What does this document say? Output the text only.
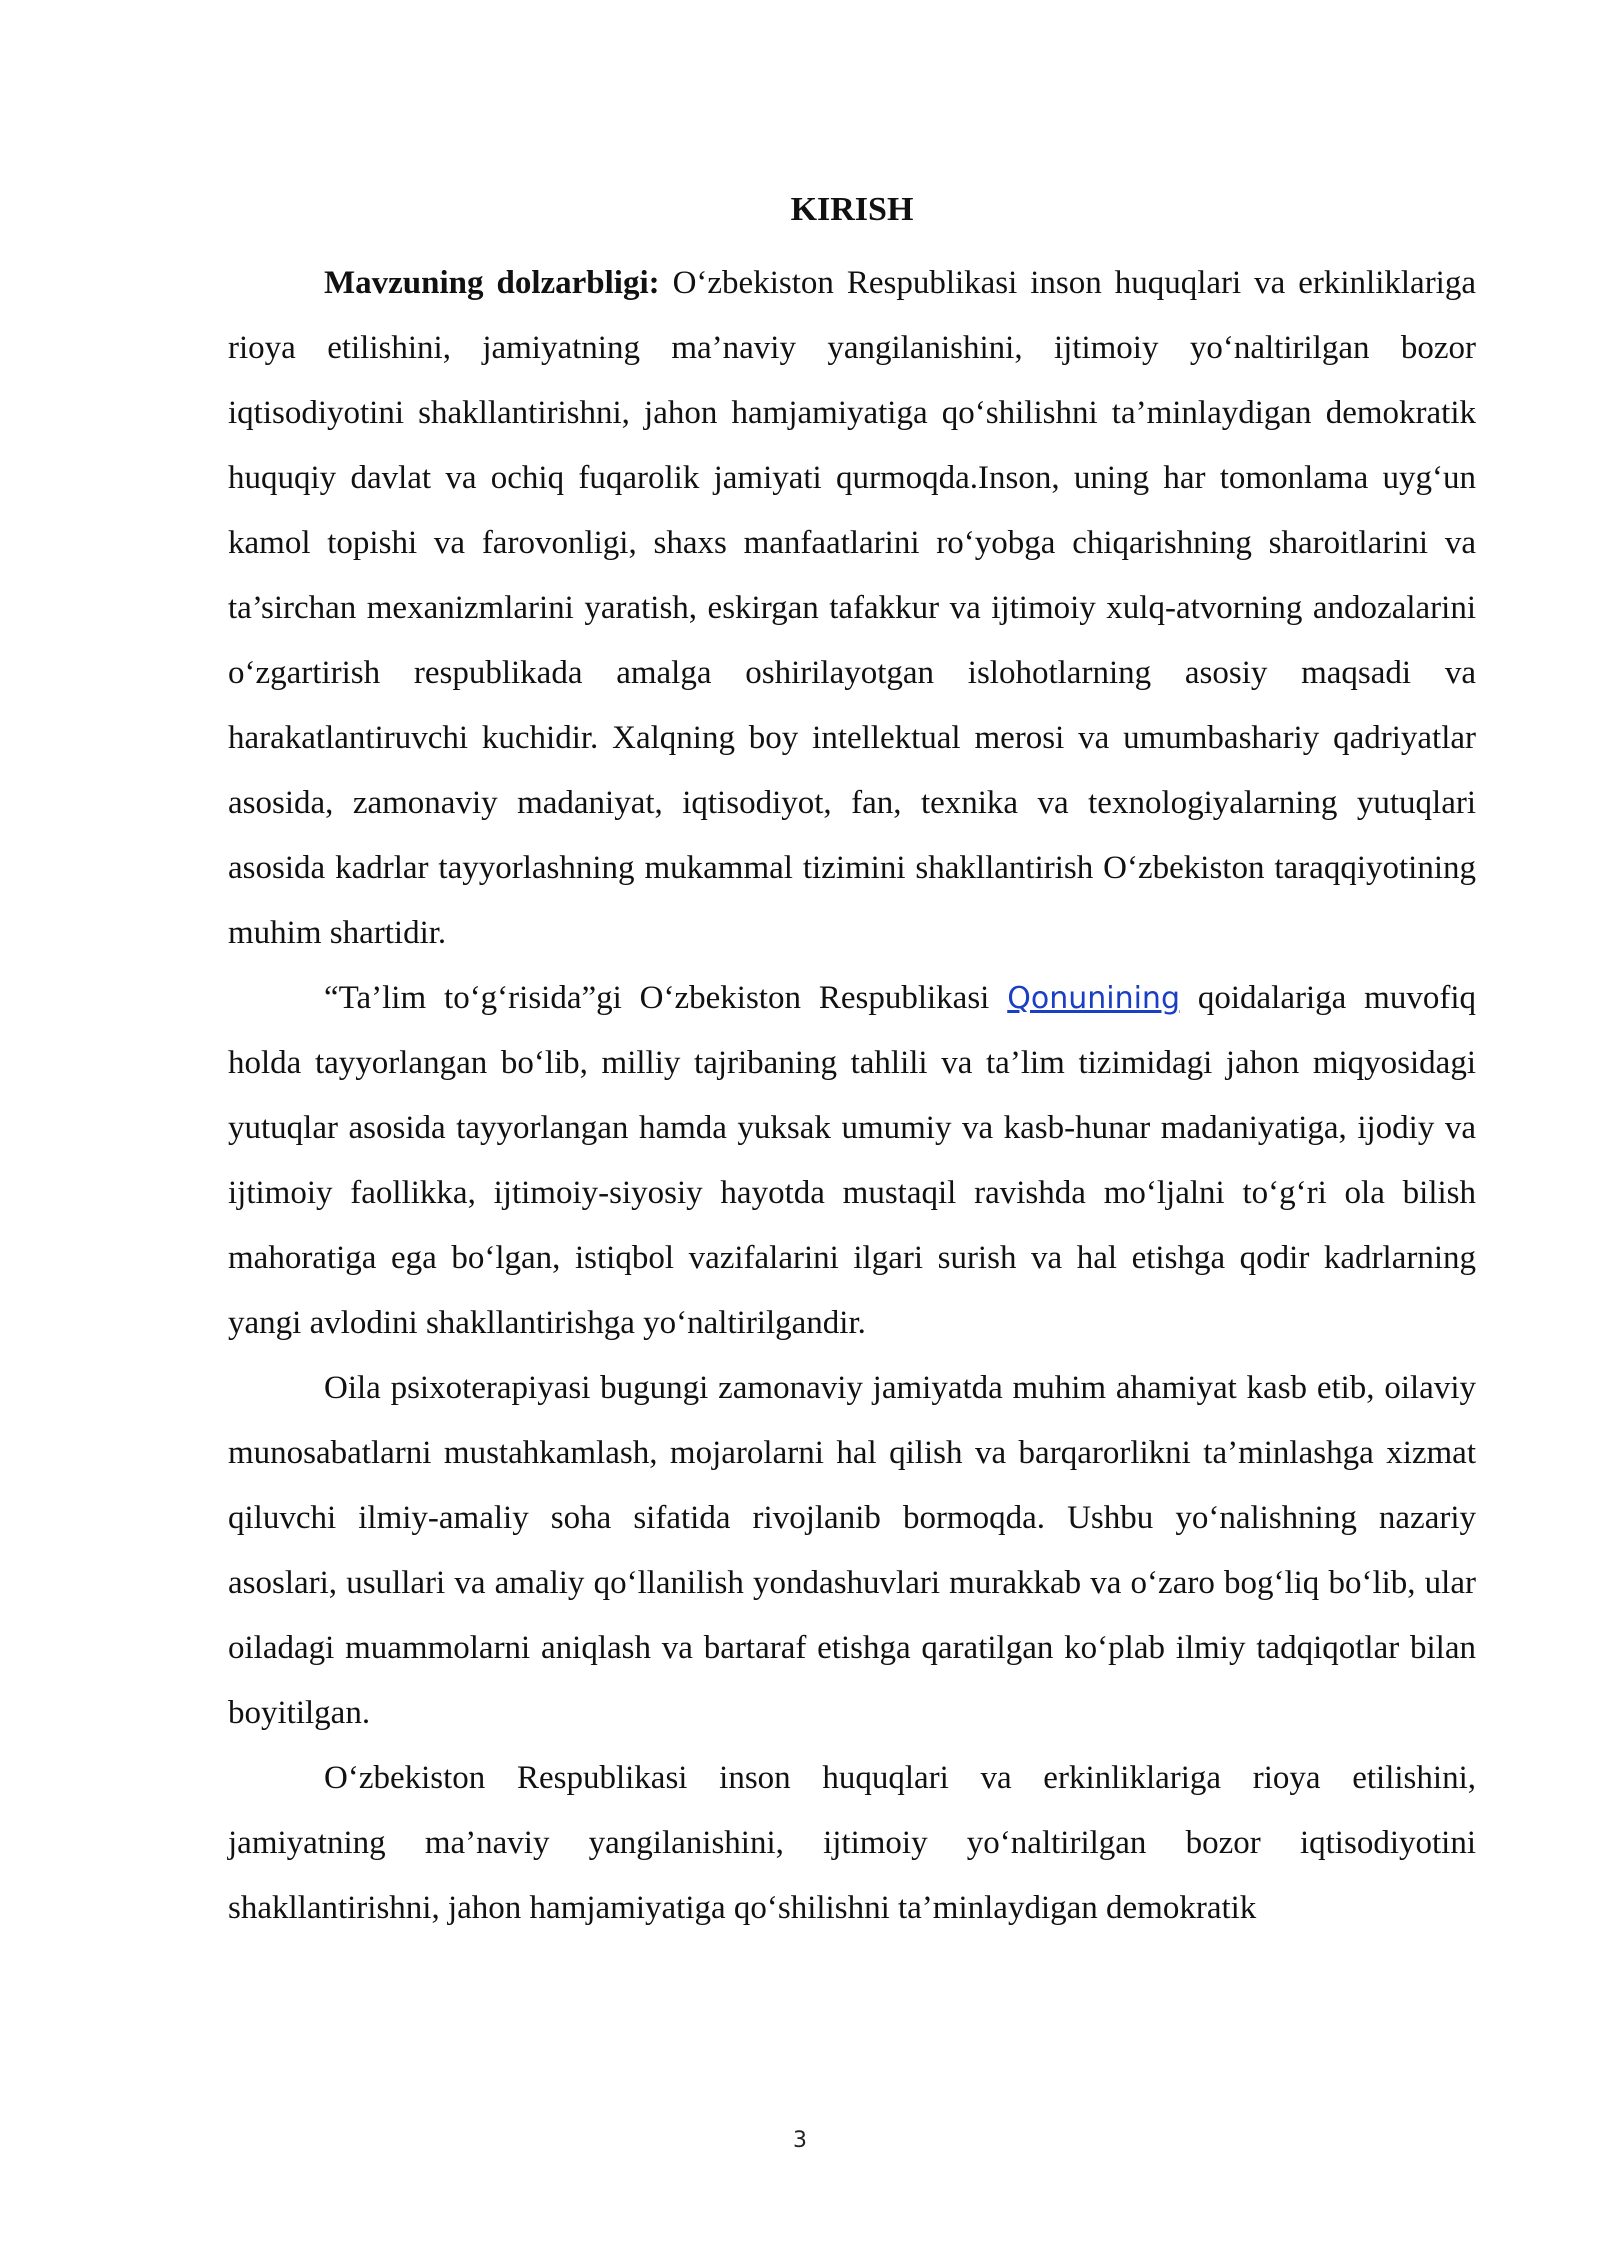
KIRISH

Mavzuning dolzarbligi: O‘zbekiston Respublikasi inson huquqlari va erkinliklariga rioya etilishini, jamiyatning ma’naviy yangilanishini, ijtimoiy yo‘naltirilgan bozor iqtisodiyotini shakllantirishni, jahon hamjamiyatiga qo‘shilishni ta’minlaydigan demokratik huquqiy davlat va ochiq fuqarolik jamiyati qurmoqda.Inson, uning har tomonlama uyg‘un kamol topishi va farovonligi, shaxs manfaatlarini ro‘yobga chiqarishning sharoitlarini va ta’sirchan mexanizmlarini yaratish, eskirgan tafakkur va ijtimoiy xulq-atvorning andozalarini o‘zgartirish respublikada amalga oshirilayotgan islohotlarning asosiy maqsadi va harakatlantiruvchi kuchidir. Xalqning boy intellektual merosi va umumbashariy qadriyatlar asosida, zamonaviy madaniyat, iqtisodiyot, fan, texnika va texnologiyalarning yutuqlari asosida kadrlar tayyorlashning mukammal tizimini shakllantirish O‘zbekiston taraqqiyotining muhim shartidir.

“Ta’lim to‘g‘risida”gi O‘zbekiston Respublikasi Qonunining qoidalariga muvofiq holda tayyorlangan bo‘lib, milliy tajribaning tahlili va ta’lim tizimidagi jahon miqyosidagi yutuqlar asosida tayyorlangan hamda yuksak umumiy va kasb-hunar madaniyatiga, ijodiy va ijtimoiy faollikka, ijtimoiy-siyosiy hayotda mustaqil ravishda mo‘ljalni to‘g‘ri ola bilish mahoratiga ega bo‘lgan, istiqbol vazifalarini ilgari surish va hal etishga qodir kadrlarning yangi avlodini shakllantirishga yo‘naltirilgandir.

Oila psixoterapiyasi bugungi zamonaviy jamiyatda muhim ahamiyat kasb etib, oilaviy munosabatlarni mustahkamlash, mojarolarni hal qilish va barqarorlikni ta’minlashga xizmat qiluvchi ilmiy-amaliy soha sifatida rivojlanib bormoqda. Ushbu yo‘nalishning nazariy asoslari, usullari va amaliy qo‘llanilish yondashuvlari murakkab va o‘zaro bog‘liq bo‘lib, ular oiladagi muammolarni aniqlash va bartaraf etishga qaratilgan ko‘plab ilmiy tadqiqotlar bilan boyitilgan.

O‘zbekiston Respublikasi inson huquqlari va erkinliklariga rioya etilishini, jamiyatning ma’naviy yangilanishini, ijtimoiy yo‘naltirilgan bozor iqtisodiyotini shakllantirishni, jahon hamjamiyatiga qo‘shilishni ta’minlaydigan demokratik

3
